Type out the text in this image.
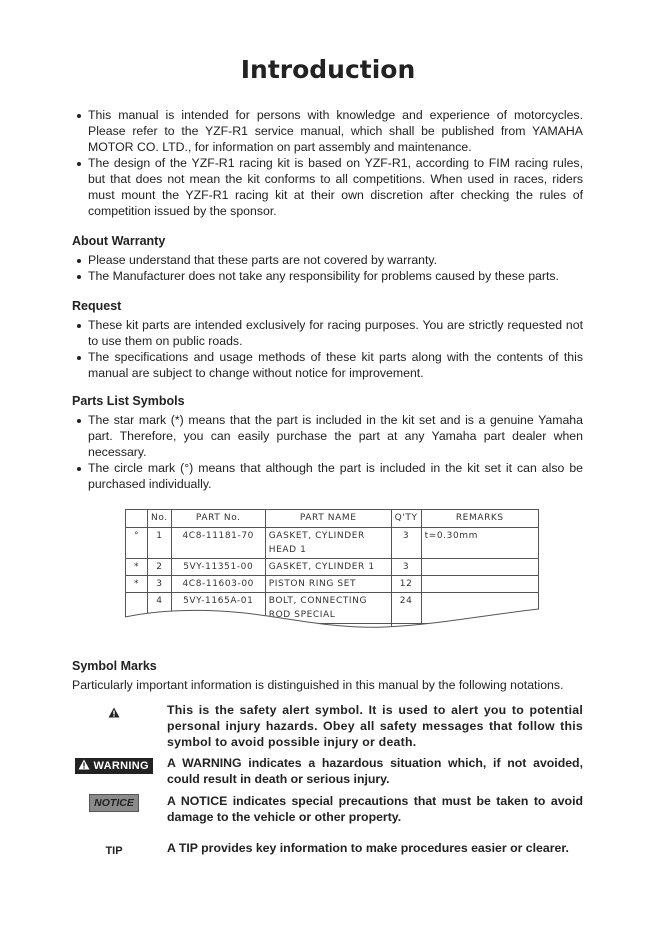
Introduction
This manual is intended for persons with knowledge and experience of motorcycles. Please refer to the YZF-R1 service manual, which shall be published from YAMAHA MOTOR CO. LTD., for information on part assembly and maintenance.
The design of the YZF-R1 racing kit is based on YZF-R1, according to FIM racing rules, but that does not mean the kit conforms to all competitions. When used in races, riders must mount the YZF-R1 racing kit at their own discretion after checking the rules of competition issued by the sponsor.
About Warranty
Please understand that these parts are not covered by warranty.
The Manufacturer does not take any responsibility for problems caused by these parts.
Request
These kit parts are intended exclusively for racing purposes. You are strictly requested not to use them on public roads.
The specifications and usage methods of these kit parts along with the contents of this manual are subject to change without notice for improvement.
Parts List Symbols
The star mark (*) means that the part is included in the kit set and is a genuine Yamaha part. Therefore, you can easily purchase the part at any Yamaha part dealer when necessary.
The circle mark (°) means that although the part is included in the kit set it can also be purchased individually.
	No.	PART No.	PART NAME	Q'TY	REMARKS
°	1	4C8-11181-70	GASKET, CYLINDER HEAD 1	3	t=0.30mm
*	2	5VY-11351-00	GASKET, CYLINDER 1	3	
*	3	4C8-11603-00	PISTON RING SET	12	
	4	5VY-1165A-01	BOLT, CONNECTING ROD SPECIAL	24	

Symbol Marks
Particularly important information is distinguished in this manual by the following notations.
This is the safety alert symbol. It is used to alert you to potential personal injury hazards. Obey all safety messages that follow this symbol to avoid possible injury or death.
WARNING	A WARNING indicates a hazardous situation which, if not avoided, could result in death or serious injury.
NOTICE	A NOTICE indicates special precautions that must be taken to avoid damage to the vehicle or other property.
TIP	A TIP provides key information to make procedures easier or clearer.
